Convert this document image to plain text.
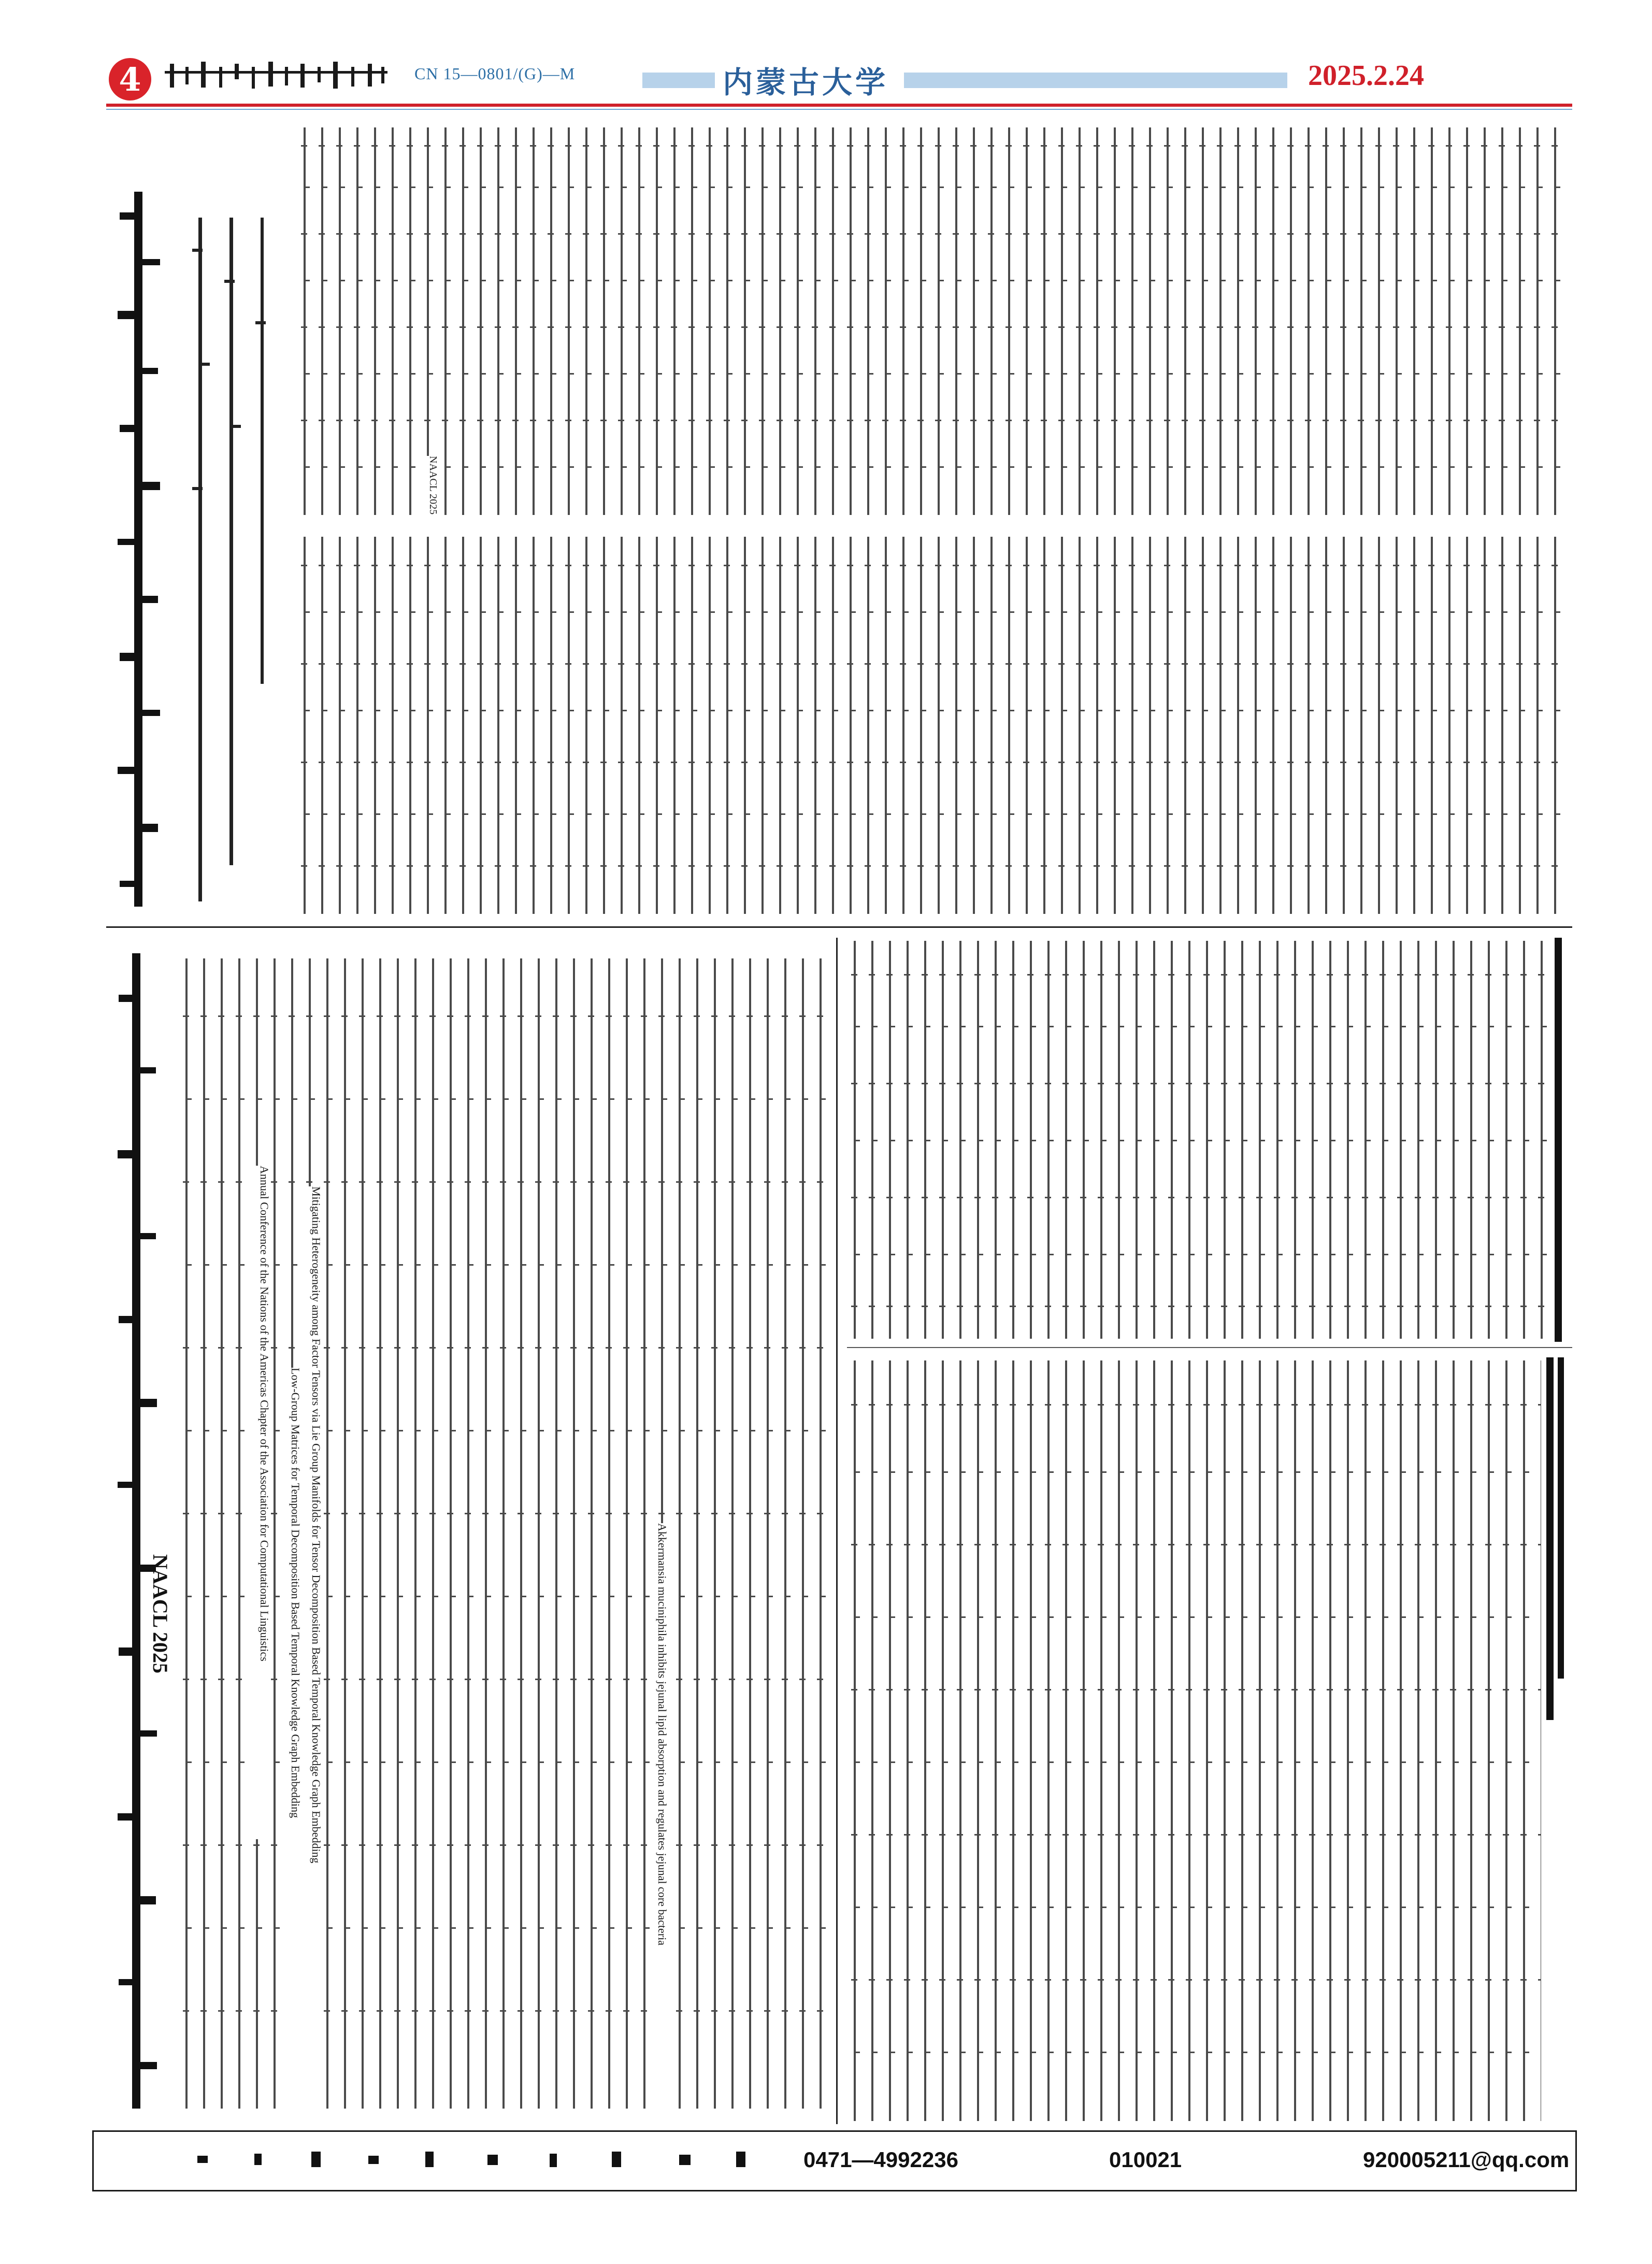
4	CN 15—0801/(G)—M	内蒙古大学	2025.2.24
NAACL 2025	Annual Conference of the Nations of the Americas Chapter of the Association for Computational Linguistics	Low-Group Matrices for Temporal Decomposition Based Temporal Knowledge Graph Embedding Mitigating Heterogeneity among Factor Tensors via Lie Group Manifolds for Tensor Decomposition Based Temporal Knowledge Graph Embedding	Akkermansia muciniphila inhibits jejunal lipid absorption and regulates jejunal core bacteria
NAACL 2025
0471—4992236	010021	920005211@qq.com
